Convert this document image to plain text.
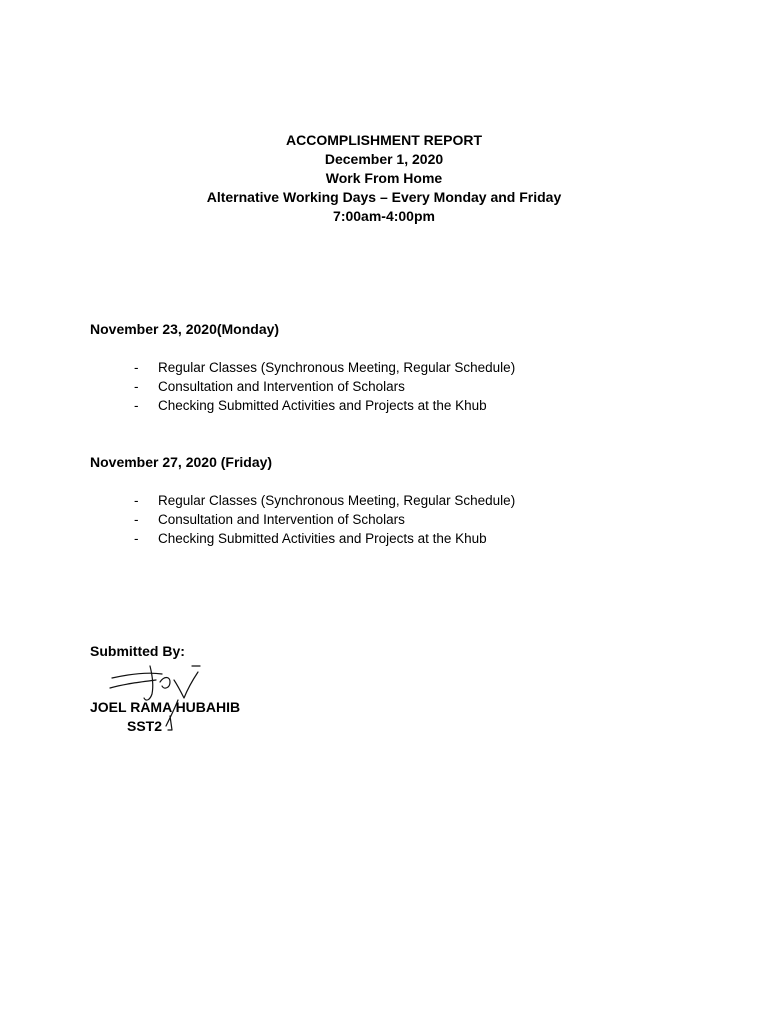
ACCOMPLISHMENT REPORT
December 1, 2020
Work From Home
Alternative Working Days – Every Monday and Friday
7:00am-4:00pm
November 23, 2020(Monday)
- Regular Classes (Synchronous Meeting, Regular Schedule)
- Consultation and Intervention of Scholars
- Checking Submitted Activities and Projects at the Khub
November 27, 2020 (Friday)
- Regular Classes (Synchronous Meeting, Regular Schedule)
- Consultation and Intervention of Scholars
- Checking Submitted Activities and Projects at the Khub
Submitted By:
JOEL RAMA HUBAHIB
SST2
